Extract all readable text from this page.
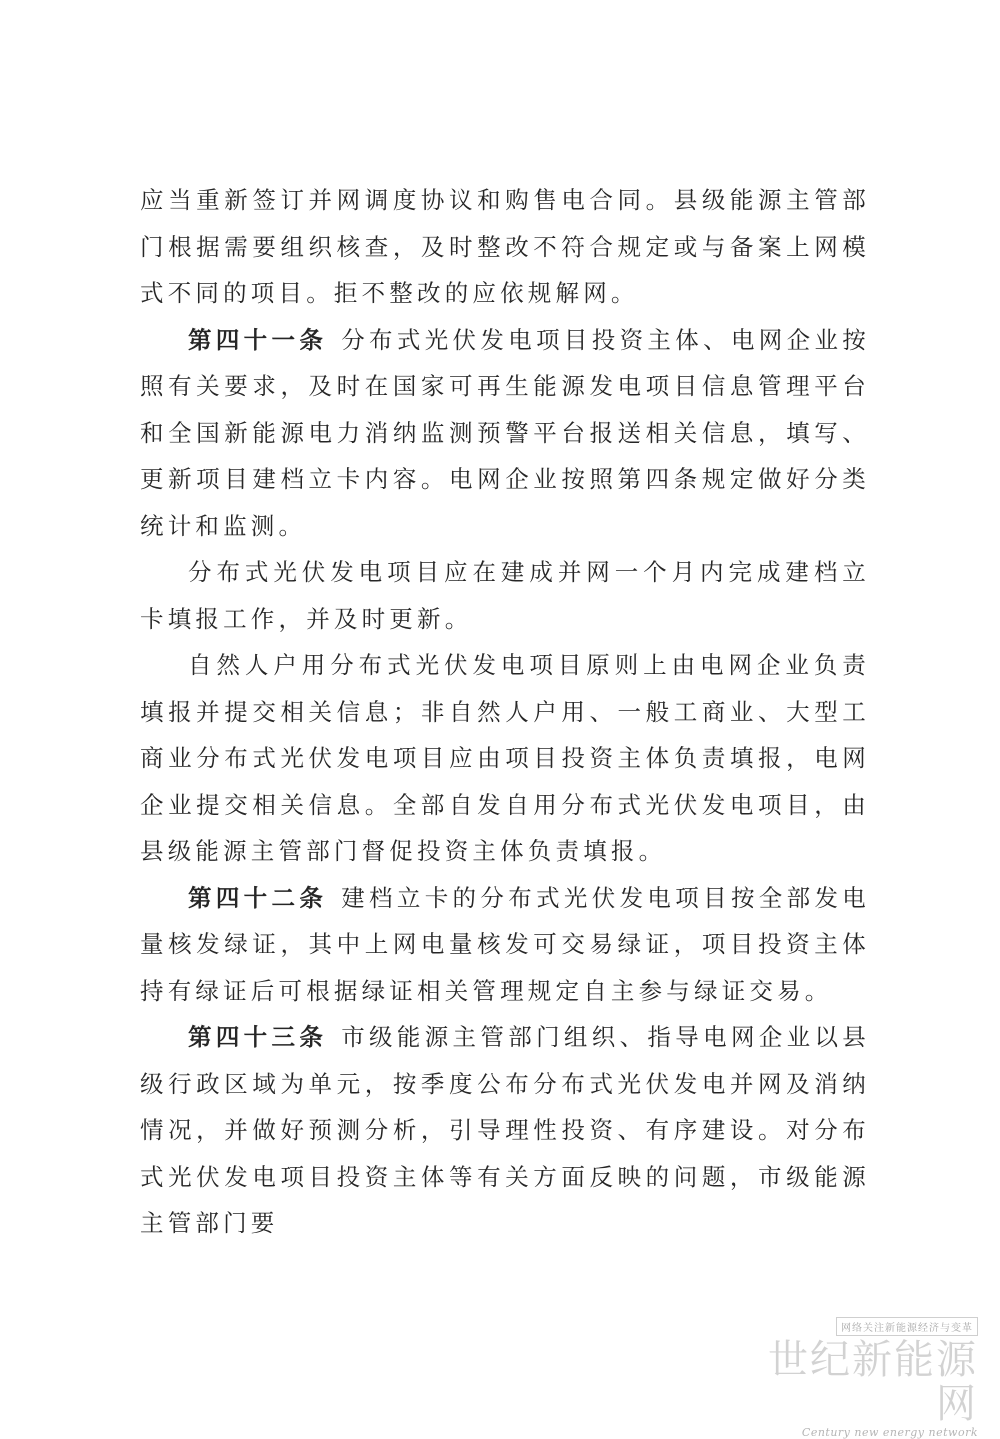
应当重新签订并网调度协议和购售电合同。县级能源主管部门根据需要组织核查，及时整改不符合规定或与备案上网模式不同的项目。拒不整改的应依规解网。

第四十一条 分布式光伏发电项目投资主体、电网企业按照有关要求，及时在国家可再生能源发电项目信息管理平台和全国新能源电力消纳监测预警平台报送相关信息，填写、更新项目建档立卡内容。电网企业按照第四条规定做好分类统计和监测。

分布式光伏发电项目应在建成并网一个月内完成建档立卡填报工作，并及时更新。

自然人户用分布式光伏发电项目原则上由电网企业负责填报并提交相关信息；非自然人户用、一般工商业、大型工商业分布式光伏发电项目应由项目投资主体负责填报，电网企业提交相关信息。全部自发自用分布式光伏发电项目，由县级能源主管部门督促投资主体负责填报。

第四十二条 建档立卡的分布式光伏发电项目按全部发电量核发绿证，其中上网电量核发可交易绿证，项目投资主体持有绿证后可根据绿证相关管理规定自主参与绿证交易。

第四十三条 市级能源主管部门组织、指导电网企业以县级行政区域为单元，按季度公布分布式光伏发电并网及消纳情况，并做好预测分析，引导理性投资、有序建设。对分布式光伏发电项目投资主体等有关方面反映的问题，市级能源主管部门要

网络关注新能源经济与变革
世纪新能源网
Century new energy network
